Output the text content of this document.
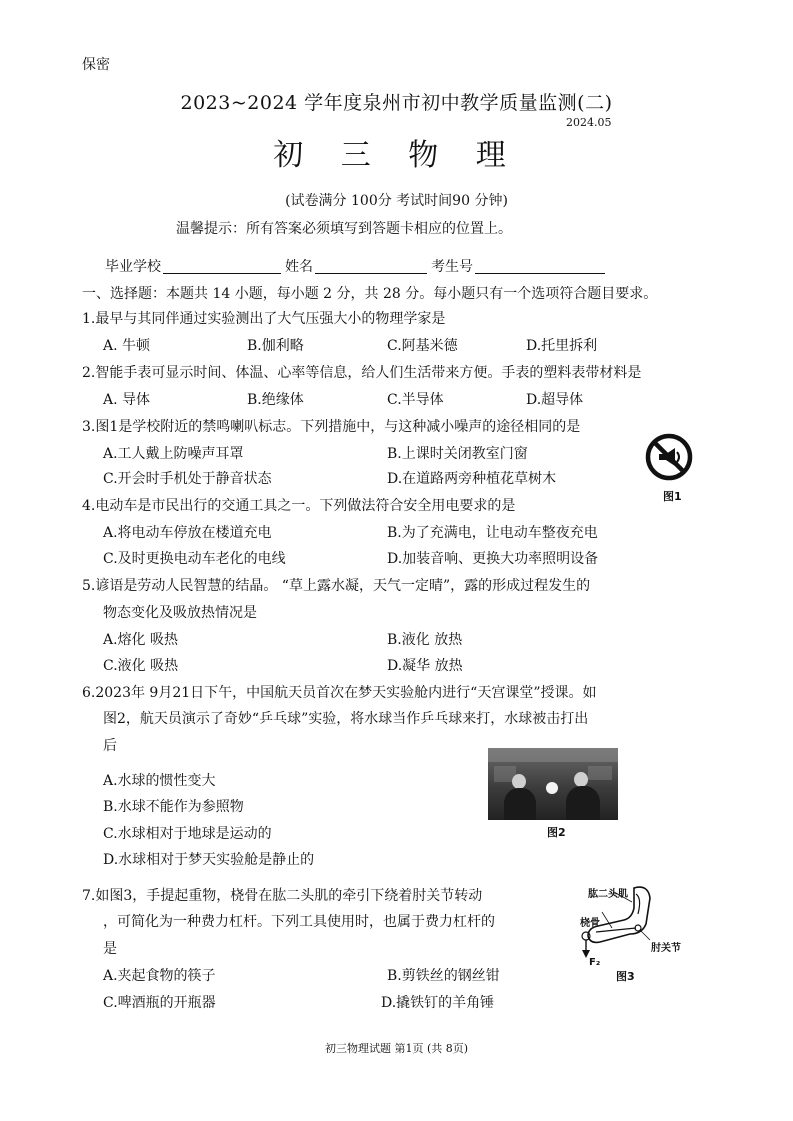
保密
2023~2024 学年度泉州市初中教学质量监测(二)
2024.05
初 三 物 理
(试卷满分 100分 考试时间90 分钟)
温馨提示：所有答案必须填写到答题卡相应的位置上。
毕业学校	姓名	考生号
一、选择题：本题共 14 小题，每小题 2 分，共 28 分。每小题只有一个选项符合题目要求。
1.最早与其同伴通过实验测出了大气压强大小的物理学家是
A. 牛顿	B.伽利略	C.阿基米德	D.托里拆利
2.智能手表可显示时间、体温、心率等信息，给人们生活带来方便。手表的塑料表带材料是
A. 导体	B.绝缘体	C.半导体	D.超导体
3.图1是学校附近的禁鸣喇叭标志。下列措施中，与这种减小噪声的途径相同的是
A.工人戴上防噪声耳罩	B.上课时关闭教室门窗
C.开会时手机处于静音状态	D.在道路两旁种植花草树木
图1
4.电动车是市民出行的交通工具之一。下列做法符合安全用电要求的是
A.将电动车停放在楼道充电	B.为了充满电，让电动车整夜充电
C.及时更换电动车老化的电线	D.加装音响、更换大功率照明设备
5.谚语是劳动人民智慧的结晶。 “草上露水凝，天气一定晴”，露的形成过程发生的
物态变化及吸放热情况是
A.熔化 吸热	B.液化 放热
C.液化 吸热	D.凝华 放热
6.2023年 9月21日下午，中国航天员首次在梦天实验舱内进行“天宫课堂”授课。如
图2，航天员演示了奇妙“乒乓球”实验，将水球当作乒乓球来打，水球被击打出
后
A.水球的惯性变大
B.水球不能作为参照物
C.水球相对于地球是运动的
D.水球相对于梦天实验舱是静止的
图2
7.如图3，手提起重物，桡骨在肱二头肌的牵引下绕着肘关节转动
，可简化为一种费力杠杆。下列工具使用时，也属于费力杠杆的
是
A.夹起食物的筷子	B.剪铁丝的钢丝钳
C.啤酒瓶的开瓶器	D.撬铁钉的羊角锤
肱二头肌
桡骨
肘关节
F₂
图3
初三物理试题 第1页 (共 8页)
